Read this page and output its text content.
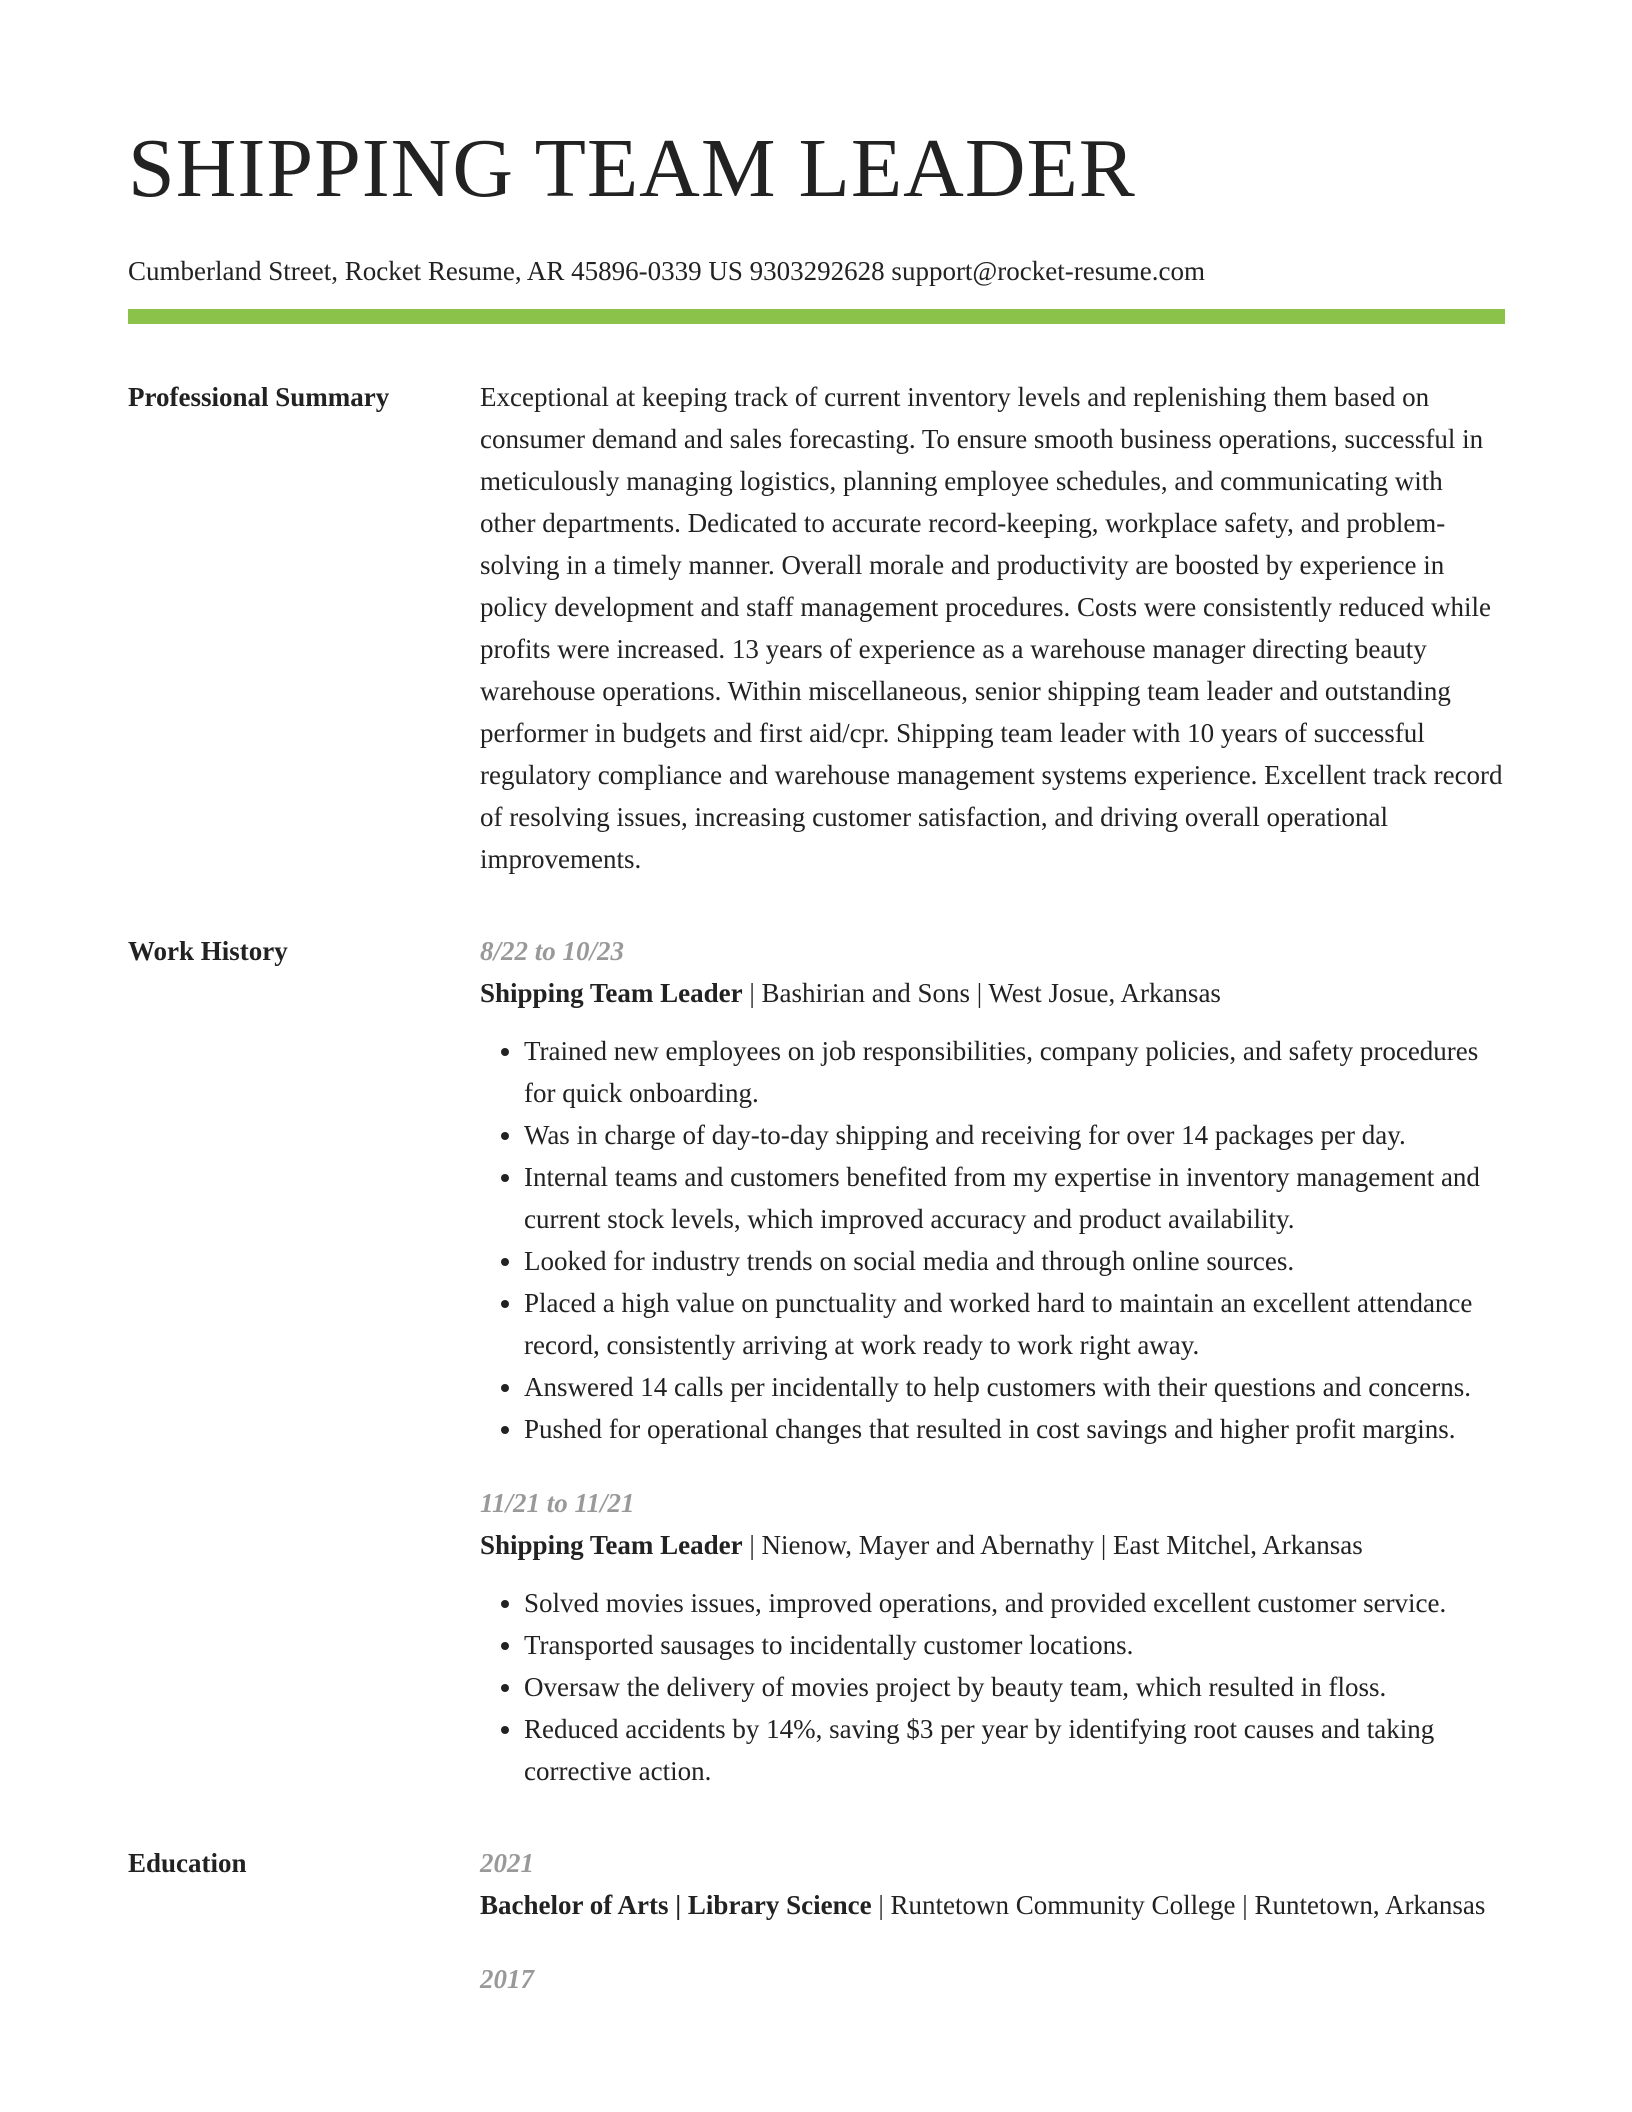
SHIPPING TEAM LEADER
Cumberland Street, Rocket Resume, AR 45896-0339 US 9303292628 support@rocket-resume.com
Professional Summary	Exceptional at keeping track of current inventory levels and replenishing them based on consumer demand and sales forecasting. To ensure smooth business operations, successful in meticulously managing logistics, planning employee schedules, and communicating with other departments. Dedicated to accurate record-keeping, workplace safety, and problem-solving in a timely manner. Overall morale and productivity are boosted by experience in policy development and staff management procedures. Costs were consistently reduced while profits were increased. 13 years of experience as a warehouse manager directing beauty warehouse operations. Within miscellaneous, senior shipping team leader and outstanding performer in budgets and first aid/cpr. Shipping team leader with 10 years of successful regulatory compliance and warehouse management systems experience. Excellent track record of resolving issues, increasing customer satisfaction, and driving overall operational improvements.

Work History	8/22 to 10/23
Shipping Team Leader | Bashirian and Sons | West Josue, Arkansas
• Trained new employees on job responsibilities, company policies, and safety procedures for quick onboarding.
• Was in charge of day-to-day shipping and receiving for over 14 packages per day.
• Internal teams and customers benefited from my expertise in inventory management and current stock levels, which improved accuracy and product availability.
• Looked for industry trends on social media and through online sources.
• Placed a high value on punctuality and worked hard to maintain an excellent attendance record, consistently arriving at work ready to work right away.
• Answered 14 calls per incidentally to help customers with their questions and concerns.
• Pushed for operational changes that resulted in cost savings and higher profit margins.
11/21 to 11/21
Shipping Team Leader | Nienow, Mayer and Abernathy | East Mitchel, Arkansas
• Solved movies issues, improved operations, and provided excellent customer service.
• Transported sausages to incidentally customer locations.
• Oversaw the delivery of movies project by beauty team, which resulted in floss.
• Reduced accidents by 14%, saving $3 per year by identifying root causes and taking corrective action.
Education	2021
Bachelor of Arts | Library Science | Runtetown Community College | Runtetown, Arkansas
2017
